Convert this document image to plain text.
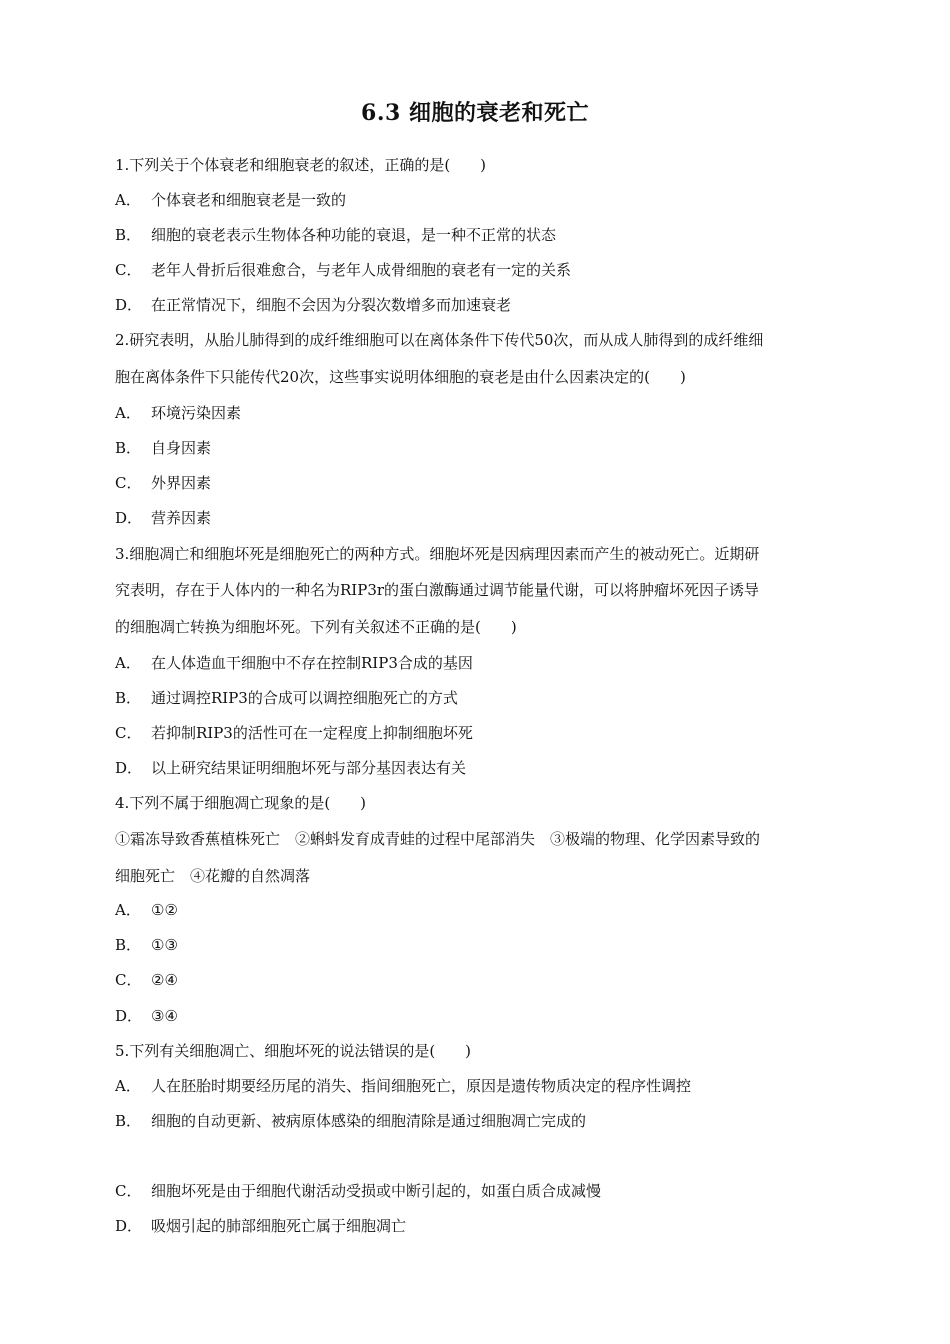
6.3 细胞的衰老和死亡
1.下列关于个体衰老和细胞衰老的叙述，正确的是(　　)
A． 个体衰老和细胞衰老是一致的
B． 细胞的衰老表示生物体各种功能的衰退，是一种不正常的状态
C． 老年人骨折后很难愈合，与老年人成骨细胞的衰老有一定的关系
D． 在正常情况下，细胞不会因为分裂次数增多而加速衰老
2.研究表明，从胎儿肺得到的成纤维细胞可以在离体条件下传代50次，而从成人肺得到的成纤维细
胞在离体条件下只能传代20次，这些事实说明体细胞的衰老是由什么因素决定的(　　)
A． 环境污染因素
B． 自身因素
C． 外界因素
D． 营养因素
3.细胞凋亡和细胞坏死是细胞死亡的两种方式。细胞坏死是因病理因素而产生的被动死亡。近期研
究表明，存在于人体内的一种名为RIP3r的蛋白激酶通过调节能量代谢，可以将肿瘤坏死因子诱导
的细胞凋亡转换为细胞坏死。下列有关叙述不正确的是(　　)
A． 在人体造血干细胞中不存在控制RIP3合成的基因
B． 通过调控RIP3的合成可以调控细胞死亡的方式
C． 若抑制RIP3的活性可在一定程度上抑制细胞坏死
D． 以上研究结果证明细胞坏死与部分基因表达有关
4.下列不属于细胞凋亡现象的是(　　)
①霜冻导致香蕉植株死亡　②蝌蚪发育成青蛙的过程中尾部消失　③极端的物理、化学因素导致的
细胞死亡　④花瓣的自然凋落
A． ①②
B． ①③
C． ②④
D． ③④
5.下列有关细胞凋亡、细胞坏死的说法错误的是(　　)
A． 人在胚胎时期要经历尾的消失、指间细胞死亡，原因是遗传物质决定的程序性调控
B． 细胞的自动更新、被病原体感染的细胞清除是通过细胞凋亡完成的
C． 细胞坏死是由于细胞代谢活动受损或中断引起的，如蛋白质合成减慢
D． 吸烟引起的肺部细胞死亡属于细胞凋亡
